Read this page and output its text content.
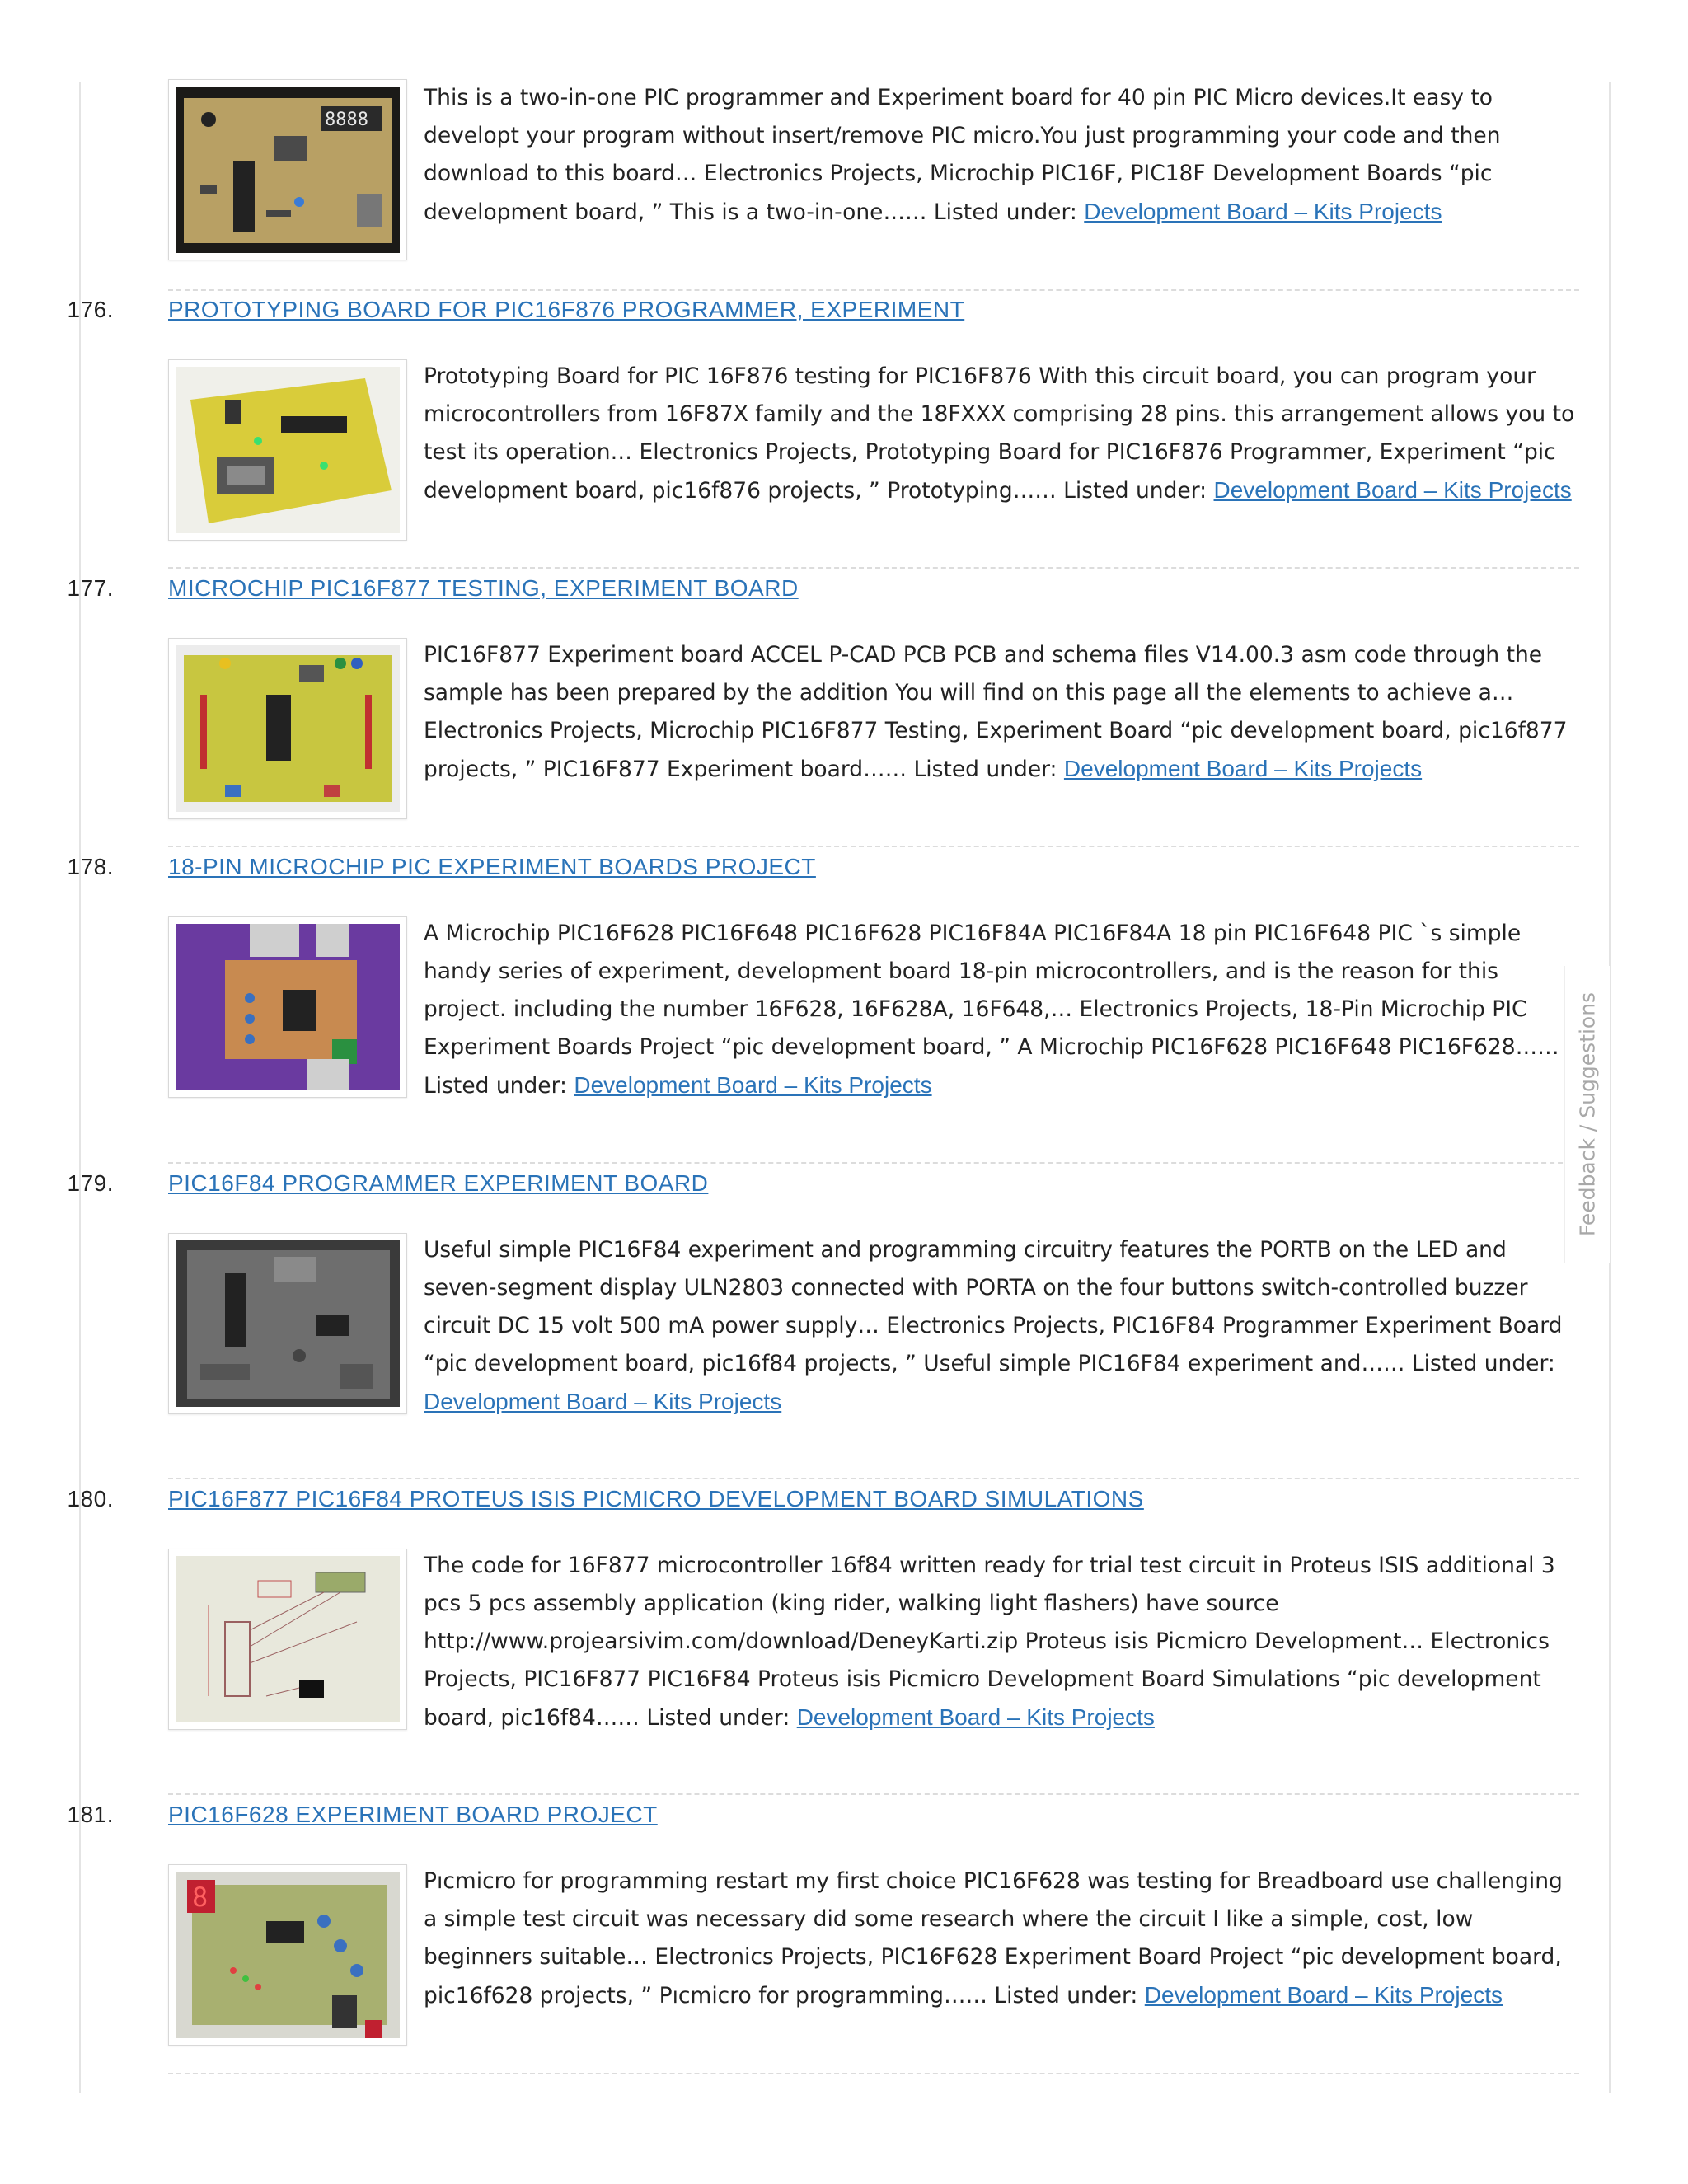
8888
This is a two-in-one PIC programmer and Experiment board for 40 pin PIC Micro devices.It easy to developt your program without insert/remove PIC micro.You just programming your code and then download to this board… Electronics Projects, Microchip PIC16F, PIC18F Development Boards “pic development board, ” This is a two-in-one…… Listed under: Development Board – Kits Projects
176. PROTOTYPING BOARD FOR PIC16F876 PROGRAMMER, EXPERIMENT
Prototyping Board for PIC 16F876 testing for PIC16F876 With this circuit board, you can program your microcontrollers from 16F87X family and the 18FXXX comprising 28 pins. this arrangement allows you to test its operation… Electronics Projects, Prototyping Board for PIC16F876 Programmer, Experiment “pic development board, pic16f876 projects, ” Prototyping…… Listed under: Development Board – Kits Projects
177. MICROCHIP PIC16F877 TESTING, EXPERIMENT BOARD
PIC16F877 Experiment board ACCEL P-CAD PCB PCB and schema files V14.00.3 asm code through the sample has been prepared by the addition You will find on this page all the elements to achieve a…Electronics Projects, Microchip PIC16F877 Testing, Experiment Board “pic development board, pic16f877 projects, ” PIC16F877 Experiment board…… Listed under: Development Board – Kits Projects
178. 18-PIN MICROCHIP PIC EXPERIMENT BOARDS PROJECT
A Microchip PIC16F628 PIC16F648 PIC16F628 PIC16F84A PIC16F84A 18 pin PIC16F648 PIC `s simple handy series of experiment, development board 18-pin microcontrollers, and is the reason for this project. including the number 16F628, 16F628A, 16F648,… Electronics Projects, 18-Pin Microchip PIC Experiment Boards Project “pic development board, ” A Microchip PIC16F628 PIC16F648 PIC16F628…… Listed under: Development Board – Kits Projects
179. PIC16F84 PROGRAMMER EXPERIMENT BOARD
Useful simple PIC16F84 experiment and programming circuitry features the PORTB on the LED and seven-segment display ULN2803 connected with PORTA on the four buttons switch-controlled buzzer circuit DC 15 volt 500 mA power supply… Electronics Projects, PIC16F84 Programmer Experiment Board “pic development board, pic16f84 projects, ” Useful simple PIC16F84 experiment and…… Listed under: Development Board – Kits Projects
180. PIC16F877 PIC16F84 PROTEUS ISIS PICMICRO DEVELOPMENT BOARD SIMULATIONS
The code for 16F877 microcontroller 16f84 written ready for trial test circuit in Proteus ISIS additional 3 pcs 5 pcs assembly application (king rider, walking light flashers) have source http://www.projearsivim.com/download/DeneyKarti.zip Proteus isis Picmicro Development… Electronics Projects, PIC16F877 PIC16F84 Proteus isis Picmicro Development Board Simulations “pic development board, pic16f84…… Listed under: Development Board – Kits Projects
181. PIC16F628 EXPERIMENT BOARD PROJECT
8
Pıcmicro for programming restart my first choice PIC16F628 was testing for Breadboard use challenging a simple test circuit was necessary did some research where the circuit I like a simple, cost, low beginners suitable… Electronics Projects, PIC16F628 Experiment Board Project “pic development board, pic16f628 projects, ” Pıcmicro for programming…… Listed under: Development Board – Kits Projects
Feedback / Suggestions
